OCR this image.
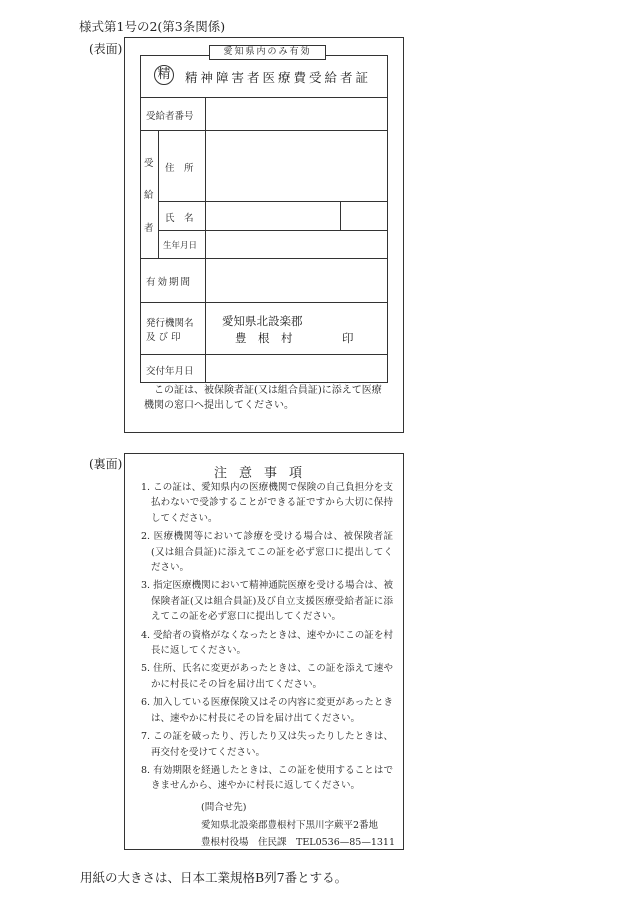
様式第1号の2(第3条関係)
(表面)	愛知県内のみ有効
精 精神障害者医療費受給者証
受給者番号
受
給
者
住　所
氏　名
生年月日
有効期間
発行機関名
及 び 印
愛知県北設楽郡
豊　根　村	印
交付年月日
　この証は、被保険者証(又は組合員証)に添えて医療機関の窓口へ提出してください。
(裏面)
注意事項
1. この証は、愛知県内の医療機関で保険の自己負担分を支払わないで受診することができる証ですから大切に保持してください。
2. 医療機関等において診療を受ける場合は、被保険者証(又は組合員証)に添えてこの証を必ず窓口に提出してください。
3. 指定医療機関において精神通院医療を受ける場合は、被保険者証(又は組合員証)及び自立支援医療受給者証に添えてこの証を必ず窓口に提出してください。
4. 受給者の資格がなくなったときは、速やかにこの証を村長に返してください。
5. 住所、氏名に変更があったときは、この証を添えて速やかに村長にその旨を届け出てください。
6. 加入している医療保険又はその内容に変更があったときは、速やかに村長にその旨を届け出てください。
7. この証を破ったり、汚したり又は失ったりしたときは、再交付を受けてください。
8. 有効期限を経過したときは、この証を使用することはできませんから、速やかに村長に返してください。
(問合せ先)
愛知県北設楽郡豊根村下黒川字蕨平2番地
豊根村役場　住民課　TEL0536—85—1311
用紙の大きさは、日本工業規格B列7番とする。
